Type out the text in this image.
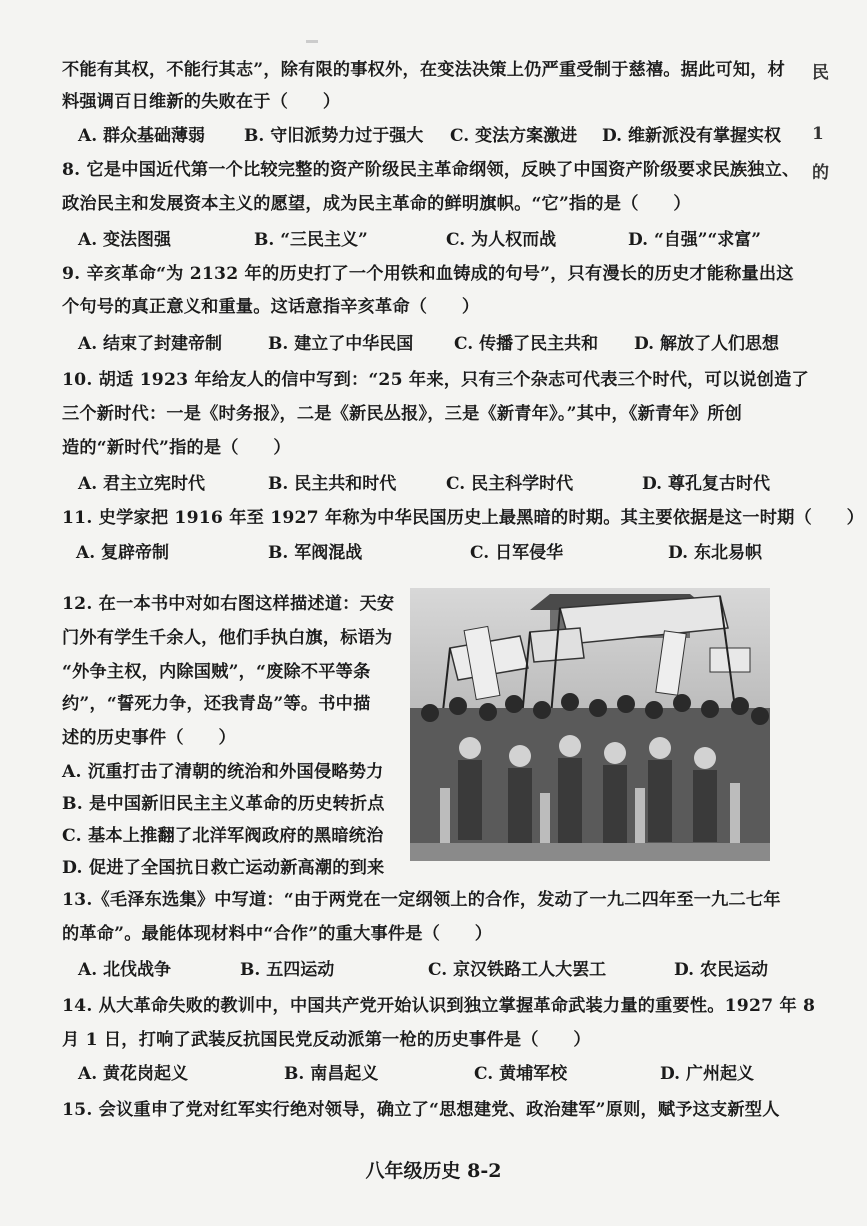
不能有其权，不能行其志”，除有限的事权外，在变法决策上仍严重受制于慈禧。据此可知，材
料强调百日维新的失败在于（　　）
A. 群众基础薄弱 B. 守旧派势力过于强大 C. 变法方案激进 D. 维新派没有掌握实权
8. 它是中国近代第一个比较完整的资产阶级民主革命纲领，反映了中国资产阶级要求民族独立、
政治民主和发展资本主义的愿望，成为民主革命的鲜明旗帜。“它”指的是（　　）
A. 变法图强	B. “三民主义”	C. 为人权而战	D. “自强”“求富”
9. 辛亥革命“为 2132 年的历史打了一个用铁和血铸成的句号”，只有漫长的历史才能称量出这
个句号的真正意义和重量。这话意指辛亥革命（　　）
A. 结束了封建帝制	B. 建立了中华民国 C. 传播了民主共和 D. 解放了人们思想
10. 胡适 1923 年给友人的信中写到：“25 年来，只有三个杂志可代表三个时代，可以说创造了
三个新时代：一是《时务报》，二是《新民丛报》，三是《新青年》。”其中，《新青年》所创
造的“新时代”指的是（　　）
A. 君主立宪时代	B. 民主共和时代	C. 民主科学时代	D. 尊孔复古时代
11. 史学家把 1916 年至 1927 年称为中华民国历史上最黑暗的时期。其主要依据是这一时期（　　）
A. 复辟帝制	B. 军阀混战	C. 日军侵华	D. 东北易帜
12. 在一本书中对如右图这样描述道：天安
门外有学生千余人，他们手执白旗，标语为
“外争主权，内除国贼”，“废除不平等条
约”，“誓死力争，还我青岛”等。书中描
述的历史事件（　　）
A. 沉重打击了清朝的统治和外国侵略势力
B. 是中国新旧民主主义革命的历史转折点
C. 基本上推翻了北洋军阀政府的黑暗统治
D. 促进了全国抗日救亡运动新高潮的到来
13.《毛泽东选集》中写道：“由于两党在一定纲领上的合作，发动了一九二四年至一九二七年
的革命”。最能体现材料中“合作”的重大事件是（　　）
A. 北伐战争	B. 五四运动	C. 京汉铁路工人大罢工	D. 农民运动
14. 从大革命失败的教训中，中国共产党开始认识到独立掌握革命武装力量的重要性。1927 年 8
月 1 日，打响了武装反抗国民党反动派第一枪的历史事件是（　　）
A. 黄花岗起义	B. 南昌起义	C. 黄埔军校	D. 广州起义
15. 会议重申了党对红军实行绝对领导，确立了“思想建党、政治建军”原则，赋予这支新型人
民
1
的
八年级历史 8-2
